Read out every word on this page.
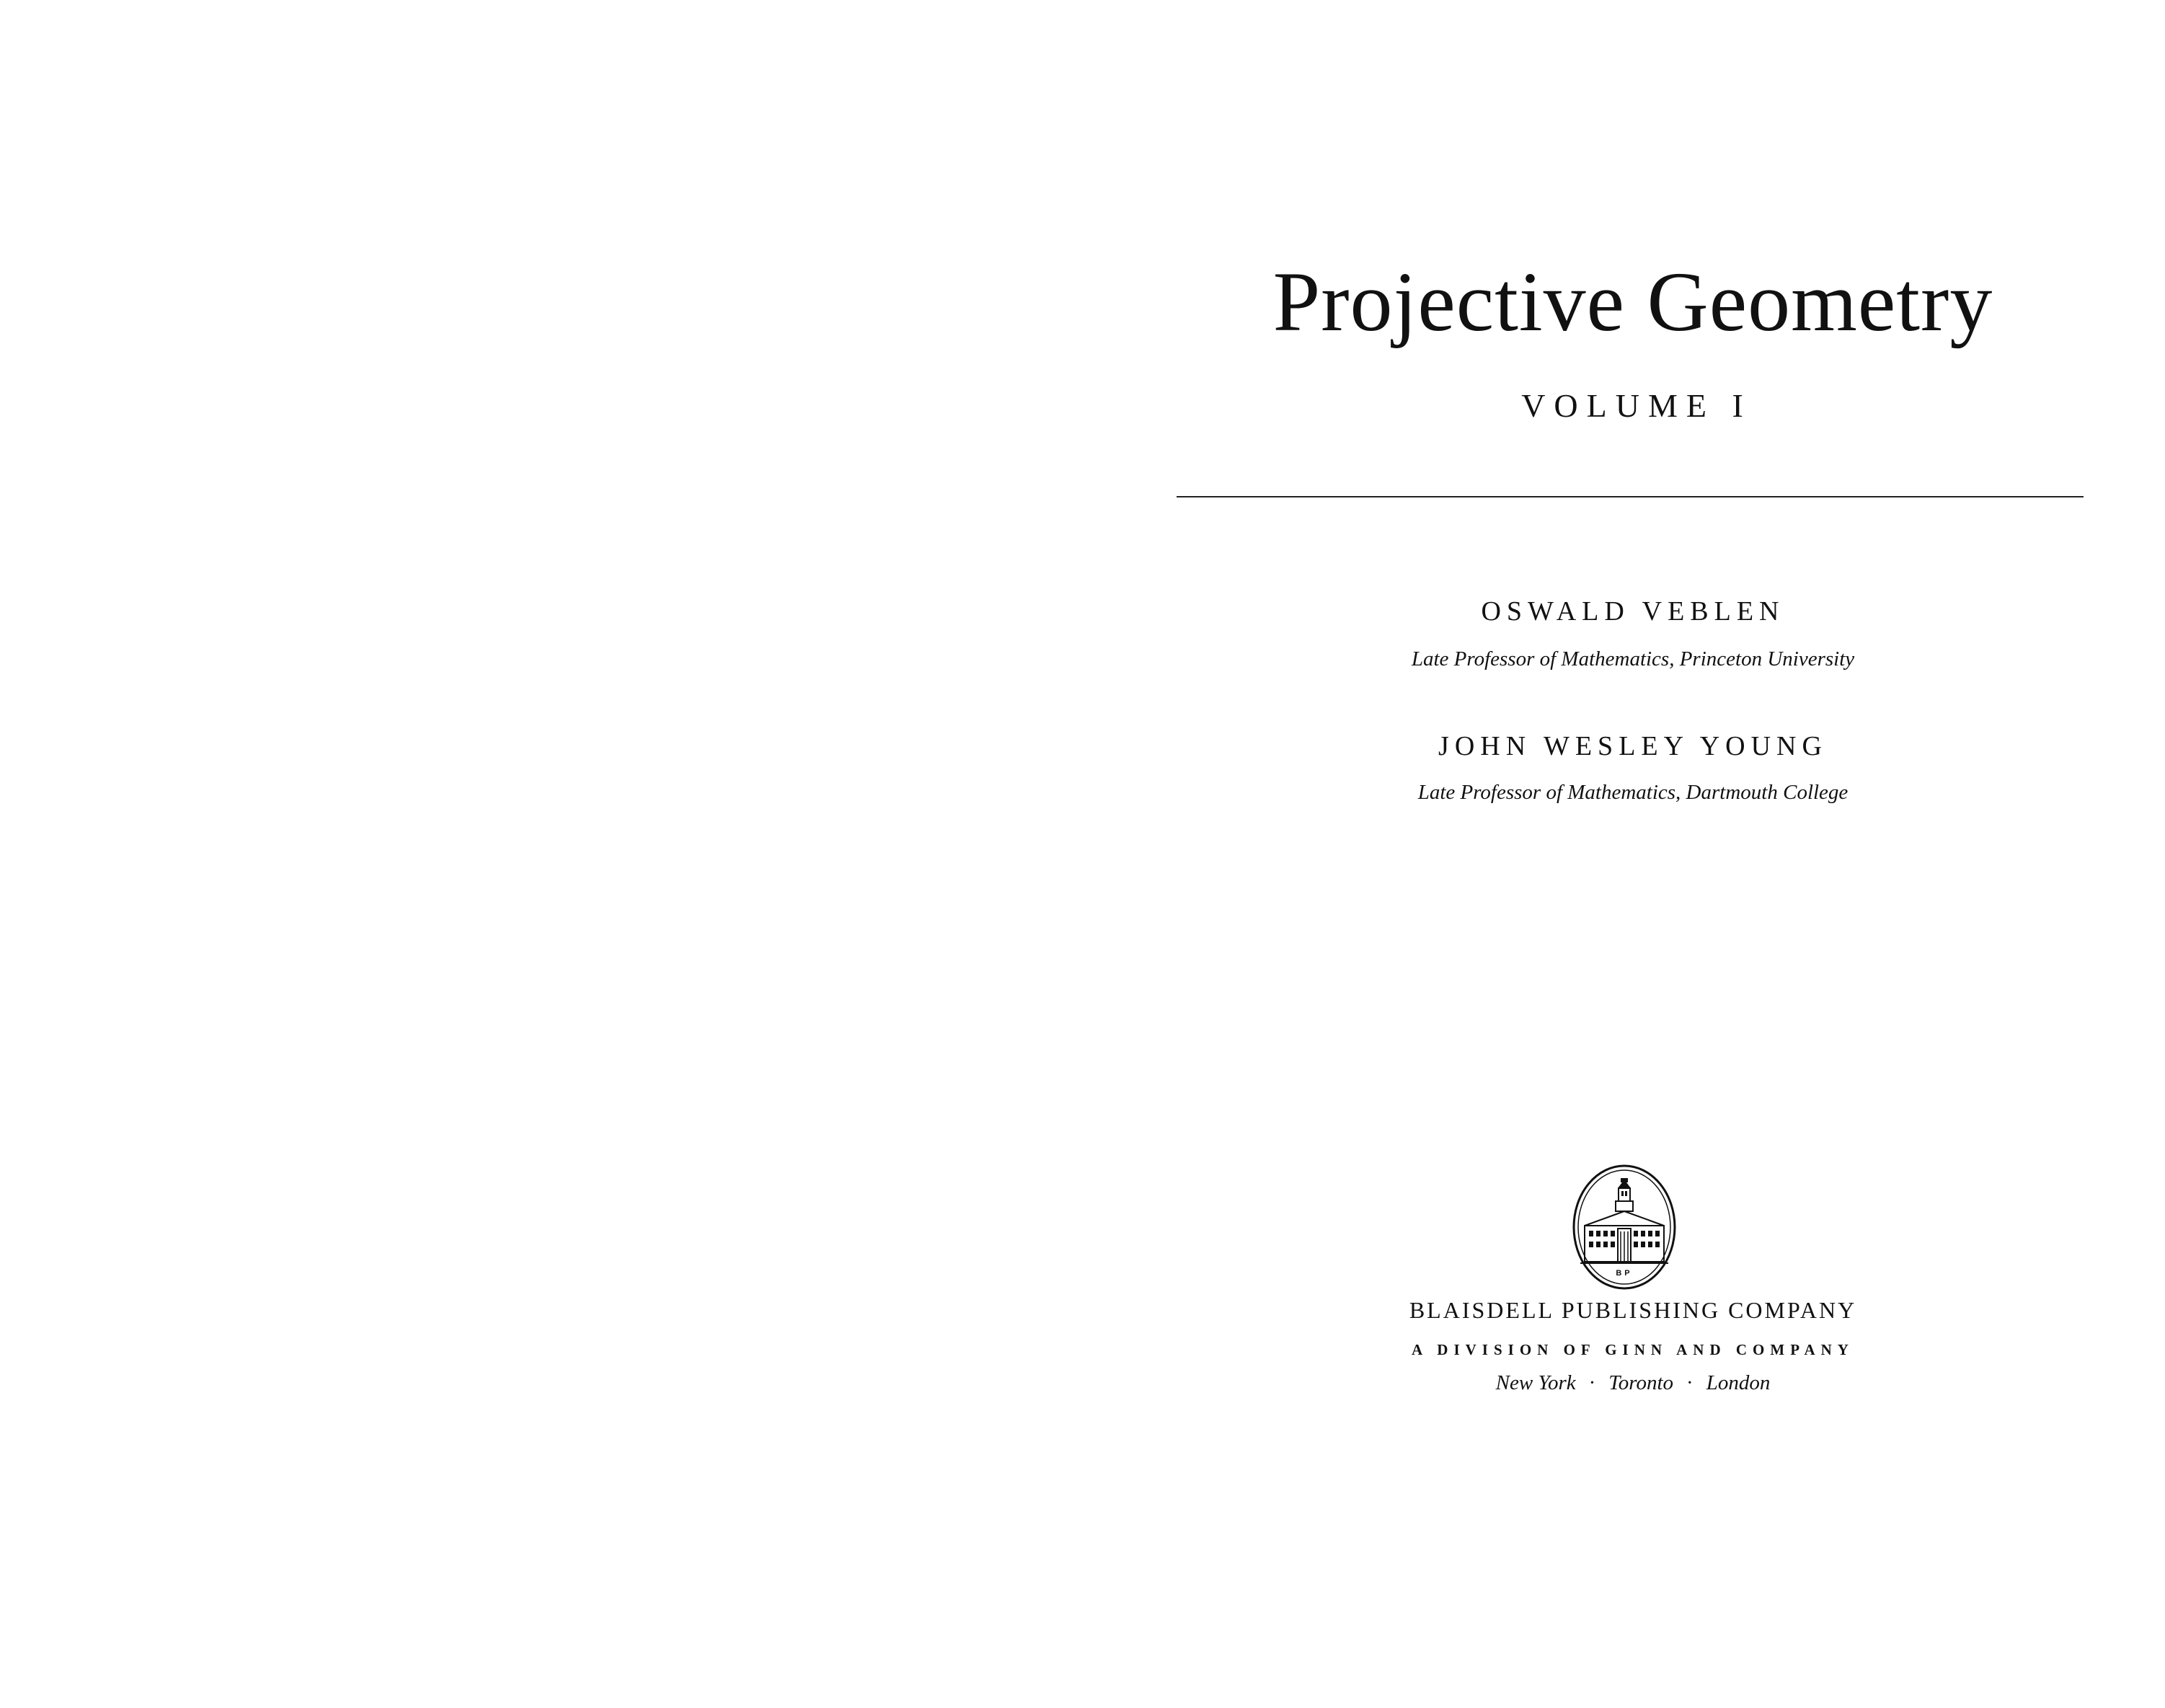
Projective Geometry
VOLUME I
OSWALD VEBLEN
Late Professor of Mathematics, Princeton University
JOHN WESLEY YOUNG
Late Professor of Mathematics, Dartmouth College
BP
BLAISDELL PUBLISHING COMPANY
A DIVISION OF GINN AND COMPANY
New York · Toronto · London
